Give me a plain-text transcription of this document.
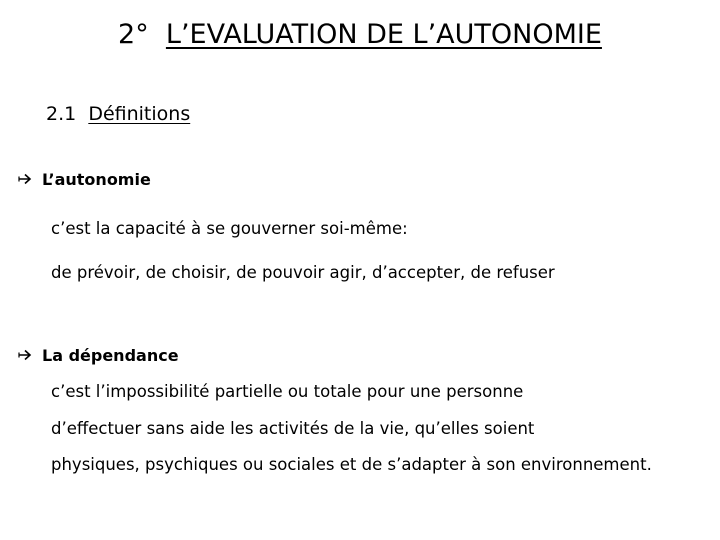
2° L’EVALUATION DE L’AUTONOMIE
2.1 Définitions
L’autonomie
c’est la capacité à se gouverner soi-même:
de prévoir, de choisir, de pouvoir agir, d’accepter, de refuser
La dépendance
c’est l’impossibilité partielle ou totale pour une personne
d’effectuer sans aide les activités de la vie, qu’elles soient
physiques, psychiques ou sociales et de s’adapter à son environnement.
